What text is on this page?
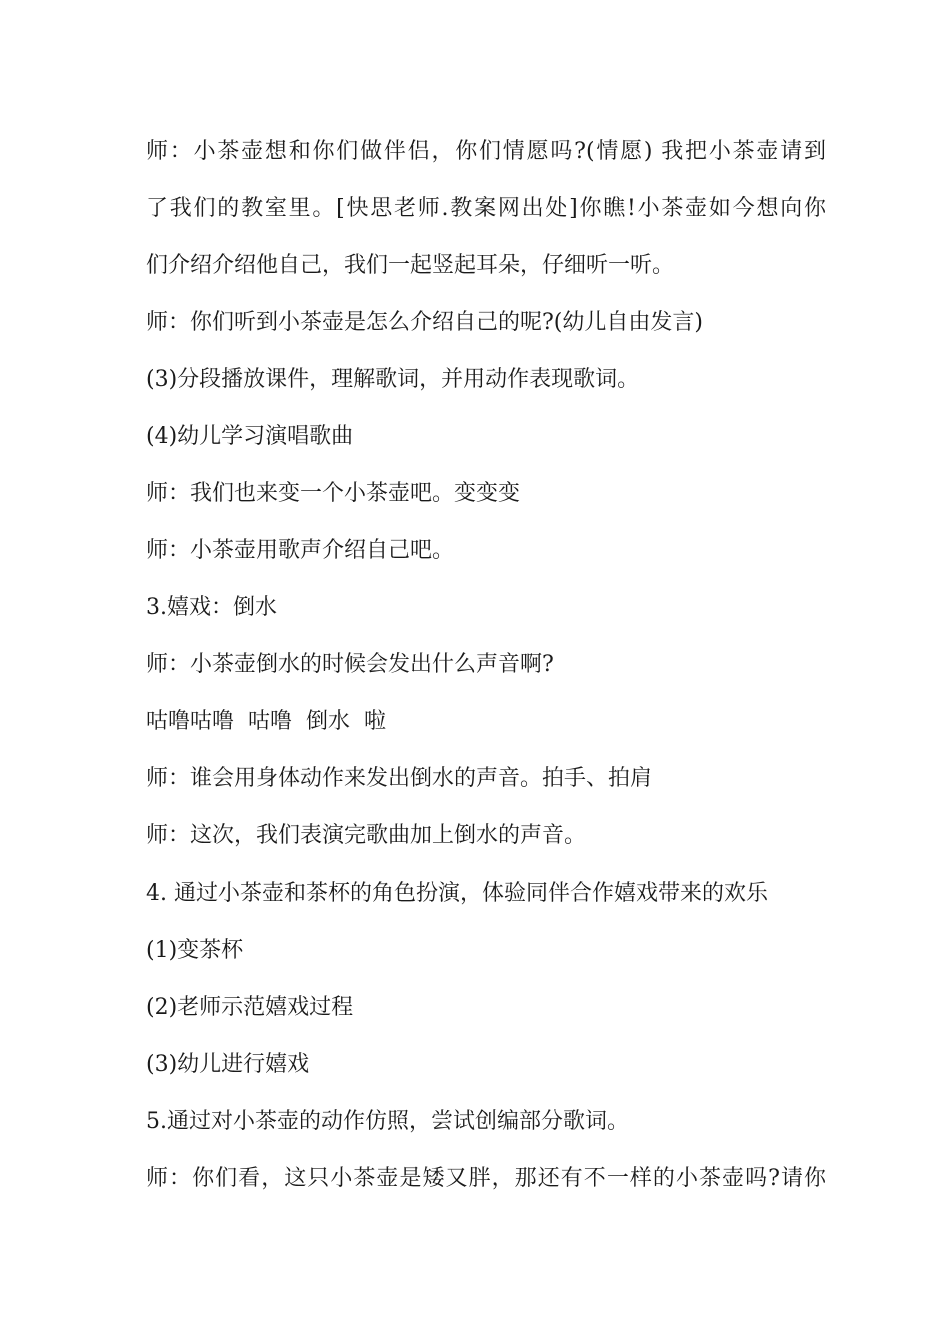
师：小茶壶想和你们做伴侣，你们情愿吗?(情愿) 我把小茶壶请到
了我们的教室里。[快思老师.教案网出处]你瞧!小茶壶如今想向你
们介绍介绍他自己，我们一起竖起耳朵，仔细听一听。
师：你们听到小茶壶是怎么介绍自己的呢?(幼儿自由发言)
(3)分段播放课件，理解歌词，并用动作表现歌词。
(4)幼儿学习演唱歌曲
师：我们也来变一个小茶壶吧。变变变
师：小茶壶用歌声介绍自己吧。
3.嬉戏：倒水
师：小茶壶倒水的时候会发出什么声音啊?
咕噜咕噜  咕噜  倒水  啦
师：谁会用身体动作来发出倒水的声音。拍手、拍肩
师：这次，我们表演完歌曲加上倒水的声音。
4. 通过小茶壶和茶杯的角色扮演，体验同伴合作嬉戏带来的欢乐
(1)变茶杯
(2)老师示范嬉戏过程
(3)幼儿进行嬉戏
5.通过对小茶壶的动作仿照，尝试创编部分歌词。
师：你们看，这只小茶壶是矮又胖，那还有不一样的小茶壶吗?请你
